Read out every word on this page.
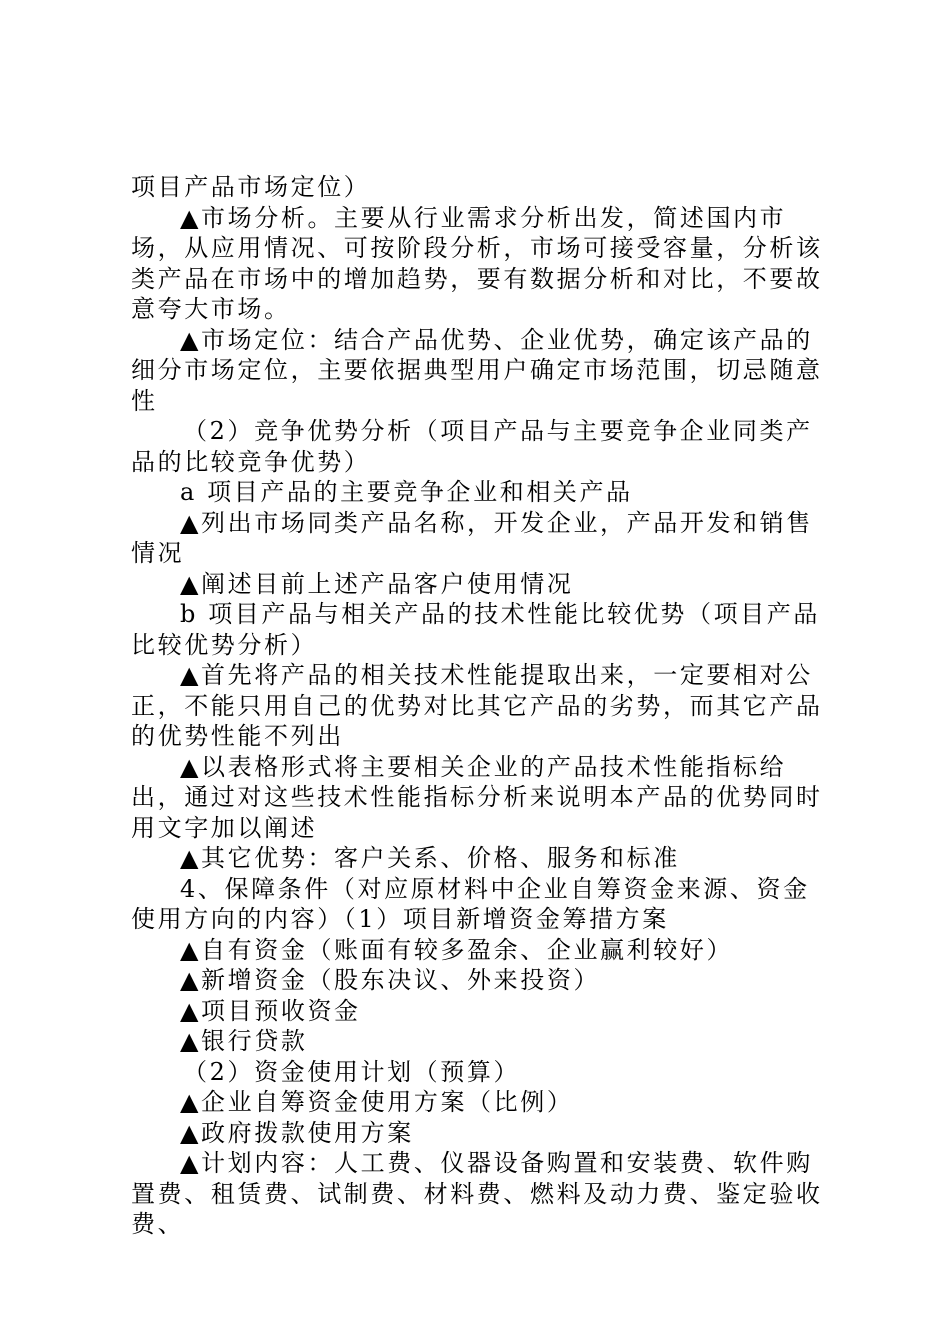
项目产品市场定位）

▲市场分析。主要从行业需求分析出发，简述国内市场，从应用情况、可按阶段分析，市场可接受容量，分析该类产品在市场中的增加趋势，要有数据分析和对比，不要故意夸大市场。

▲市场定位：结合产品优势、企业优势，确定该产品的细分市场定位，主要依据典型用户确定市场范围，切忌随意性

（2）竞争优势分析（项目产品与主要竞争企业同类产品的比较竞争优势）

a 项目产品的主要竞争企业和相关产品

▲列出市场同类产品名称，开发企业，产品开发和销售情况

▲阐述目前上述产品客户使用情况

b 项目产品与相关产品的技术性能比较优势（项目产品比较优势分析）

▲首先将产品的相关技术性能提取出来，一定要相对公正，不能只用自己的优势对比其它产品的劣势，而其它产品的优势性能不列出

▲以表格形式将主要相关企业的产品技术性能指标给出，通过对这些技术性能指标分析来说明本产品的优势同时用文字加以阐述

▲其它优势：客户关系、价格、服务和标准

4、保障条件（对应原材料中企业自筹资金来源、资金使用方向的内容）（1）项目新增资金筹措方案

▲自有资金（账面有较多盈余、企业赢利较好）

▲新增资金（股东决议、外来投资）

▲项目预收资金

▲银行贷款

（2）资金使用计划（预算）

▲企业自筹资金使用方案（比例）

▲政府拨款使用方案

▲计划内容：人工费、仪器设备购置和安装费、软件购置费、租赁费、试制费、材料费、燃料及动力费、鉴定验收费、
